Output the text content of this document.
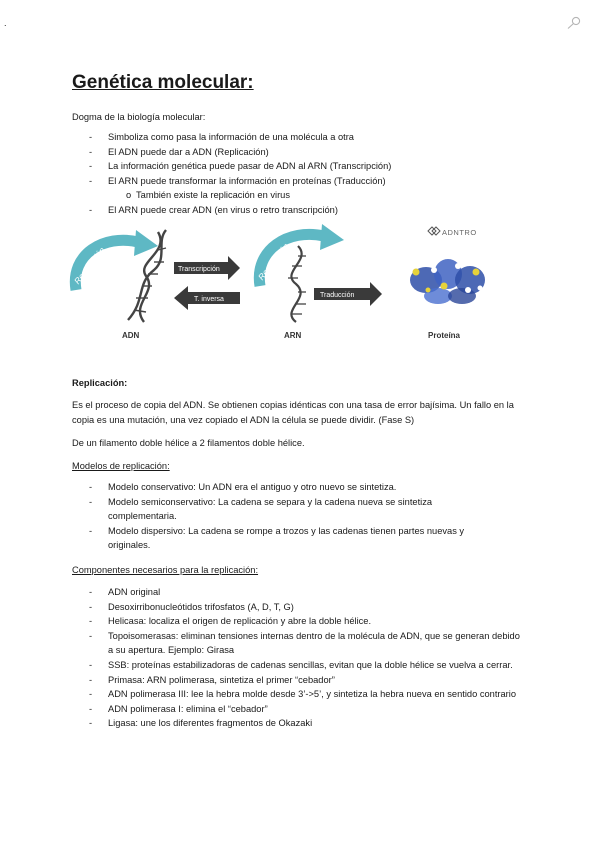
.
Genética molecular:

Dogma de la biología molecular:

- Simboliza como pasa la información de una molécula a otra
- El ADN puede dar a ADN (Replicación)
- La información genética puede pasar de ADN al ARN (Transcripción)
- El ARN puede transformar la información en proteínas (Traducción)
o También existe la replicación en virus
- El ARN puede crear ADN (en virus o retro transcripción)
Replicación
ADN
Transcripción
T. inversa
Replicación
ARN
Traducción
ADNTRO
Proteína

Replicación:

Es el proceso de copia del ADN. Se obtienen copias idénticas con una tasa de error bajísima. Un fallo en la copia es una mutación, una vez copiado el ADN la célula se puede dividir. (Fase S)

De un filamento doble hélice a 2 filamentos doble hélice.

Modelos de replicación:

- Modelo conservativo: Un ADN era el antiguo y otro nuevo se sintetiza.
- Modelo semiconservativo: La cadena se separa y la cadena nueva se sintetiza complementaria.
- Modelo dispersivo: La cadena se rompe a trozos y las cadenas tienen partes nuevas y originales.

Componentes necesarios para la replicación:

- ADN original
- Desoxirribonucleótidos trifosfatos (A, D, T, G)
- Helicasa: localiza el origen de replicación y abre la doble hélice.
- Topoisomerasas: eliminan tensiones internas dentro de la molécula de ADN, que se generan debido a su apertura. Ejemplo: Girasa
- SSB: proteínas estabilizadoras de cadenas sencillas, evitan que la doble hélice se vuelva a cerrar.
- Primasa: ARN polimerasa, sintetiza el primer “cebador”
- ADN polimerasa III: lee la hebra molde desde 3’->5’, y sintetiza la hebra nueva en sentido contrario
- ADN polimerasa I: elimina el “cebador”
- Ligasa: une los diferentes fragmentos de Okazaki
